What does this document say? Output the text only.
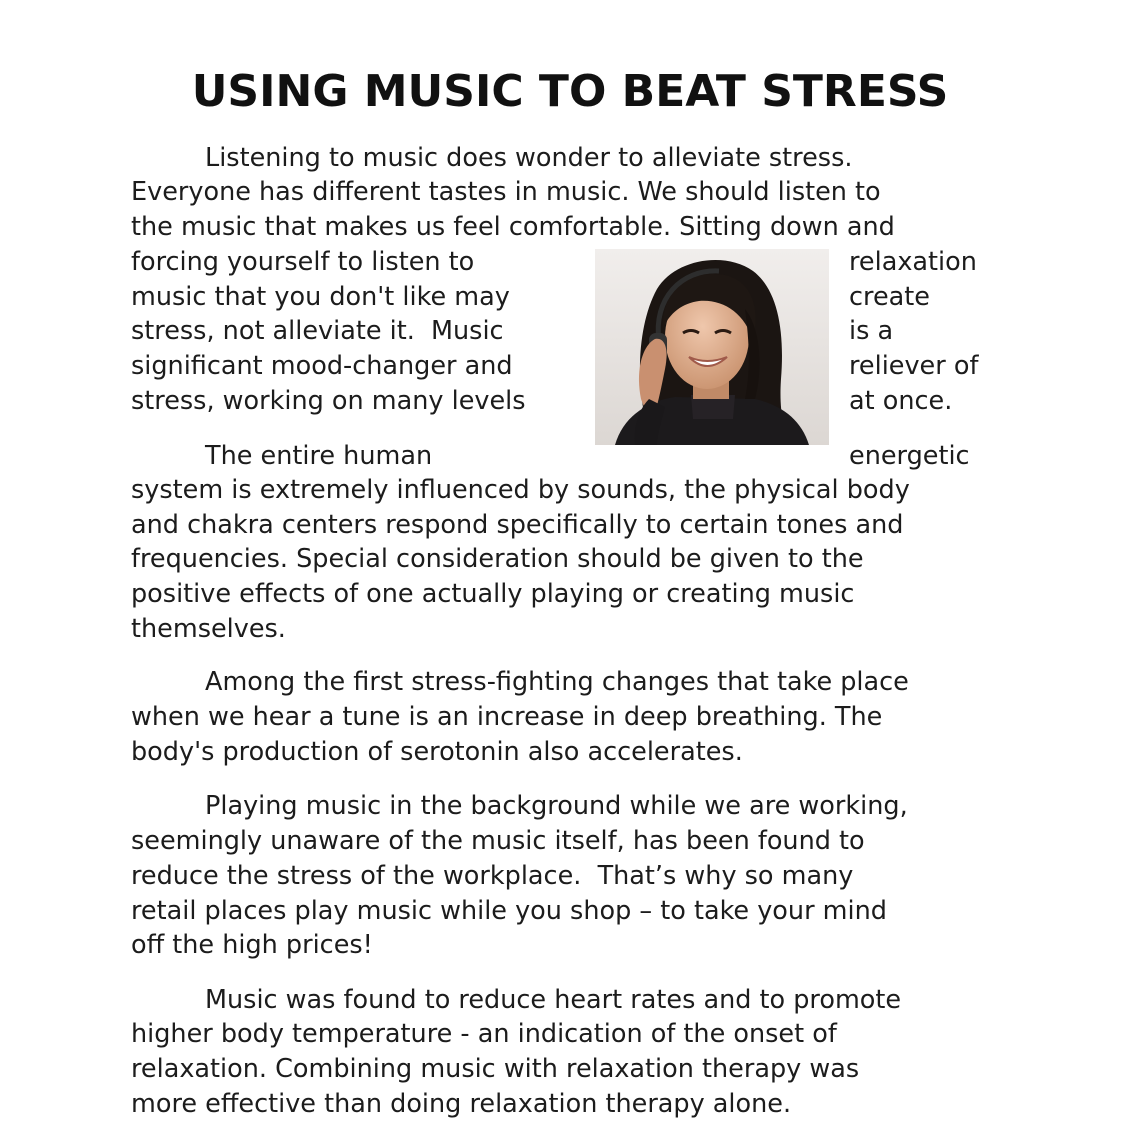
USING MUSIC TO BEAT STRESS
Listening to music does wonder to alleviate stress.
Everyone has different tastes in music. We should listen to
the music that makes us feel comfortable. Sitting down and
forcing yourself to listen to
music that you don't like may
stress, not alleviate it.  Music
significant mood-changer and
stress, working on many levels
relaxation
create
is a
reliever of
at once.
The entire human	energetic
system is extremely influenced by sounds, the physical body
and chakra centers respond specifically to certain tones and
frequencies. Special consideration should be given to the
positive effects of one actually playing or creating music
themselves.
Among the first stress-fighting changes that take place
when we hear a tune is an increase in deep breathing. The
body's production of serotonin also accelerates.
Playing music in the background while we are working,
seemingly unaware of the music itself, has been found to
reduce the stress of the workplace.  That’s why so many
retail places play music while you shop – to take your mind
off the high prices!
Music was found to reduce heart rates and to promote
higher body temperature - an indication of the onset of
relaxation. Combining music with relaxation therapy was
more effective than doing relaxation therapy alone.
